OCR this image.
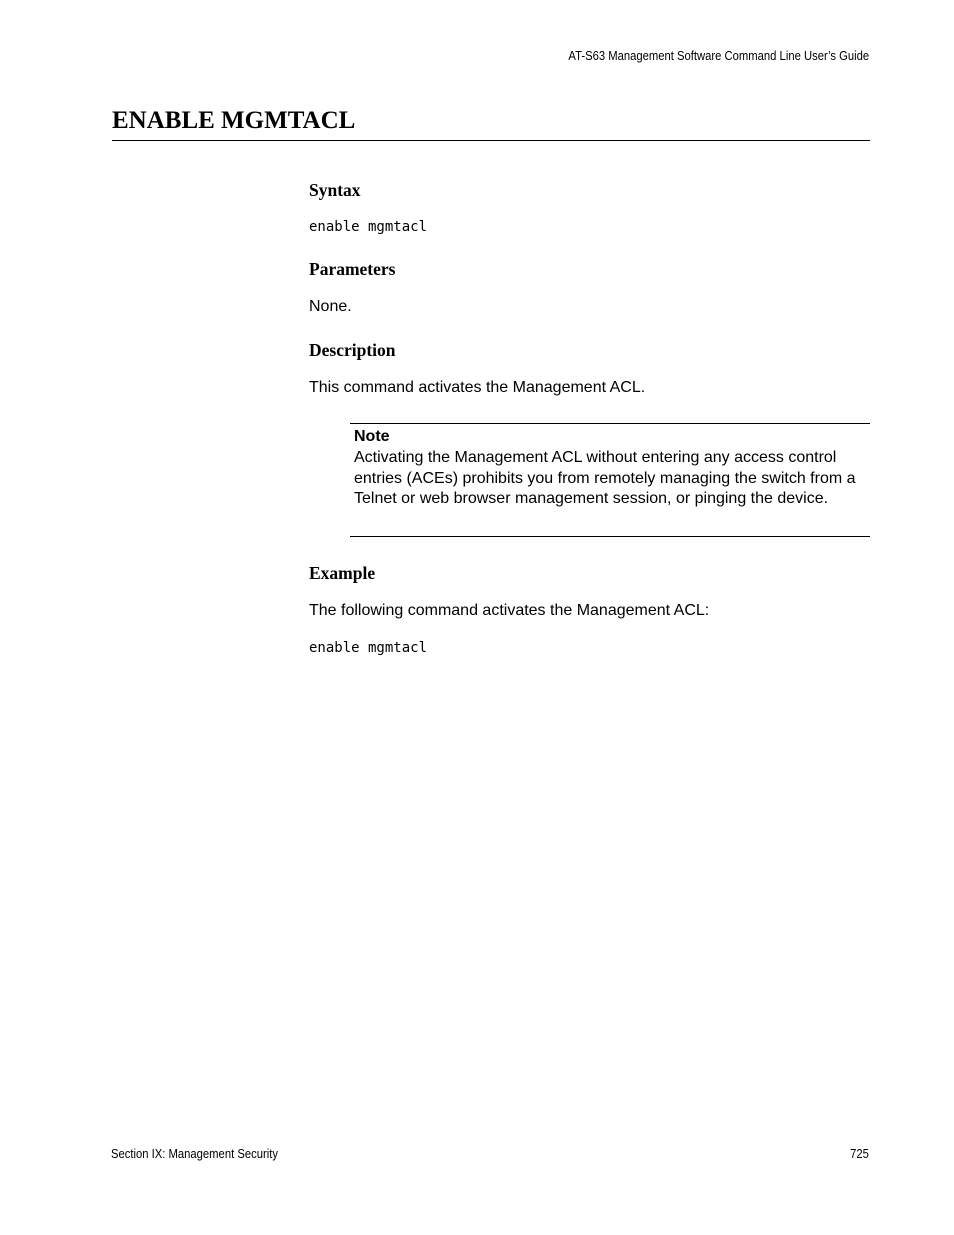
AT-S63 Management Software Command Line User’s Guide
ENABLE MGMTACL
Syntax
enable mgmtacl
Parameters
None.
Description
This command activates the Management ACL.
Note
Activating the Management ACL without entering any access control entries (ACEs) prohibits you from remotely managing the switch from a Telnet or web browser management session, or pinging the device.
Example
The following command activates the Management ACL:
enable mgmtacl
Section IX: Management Security	725
